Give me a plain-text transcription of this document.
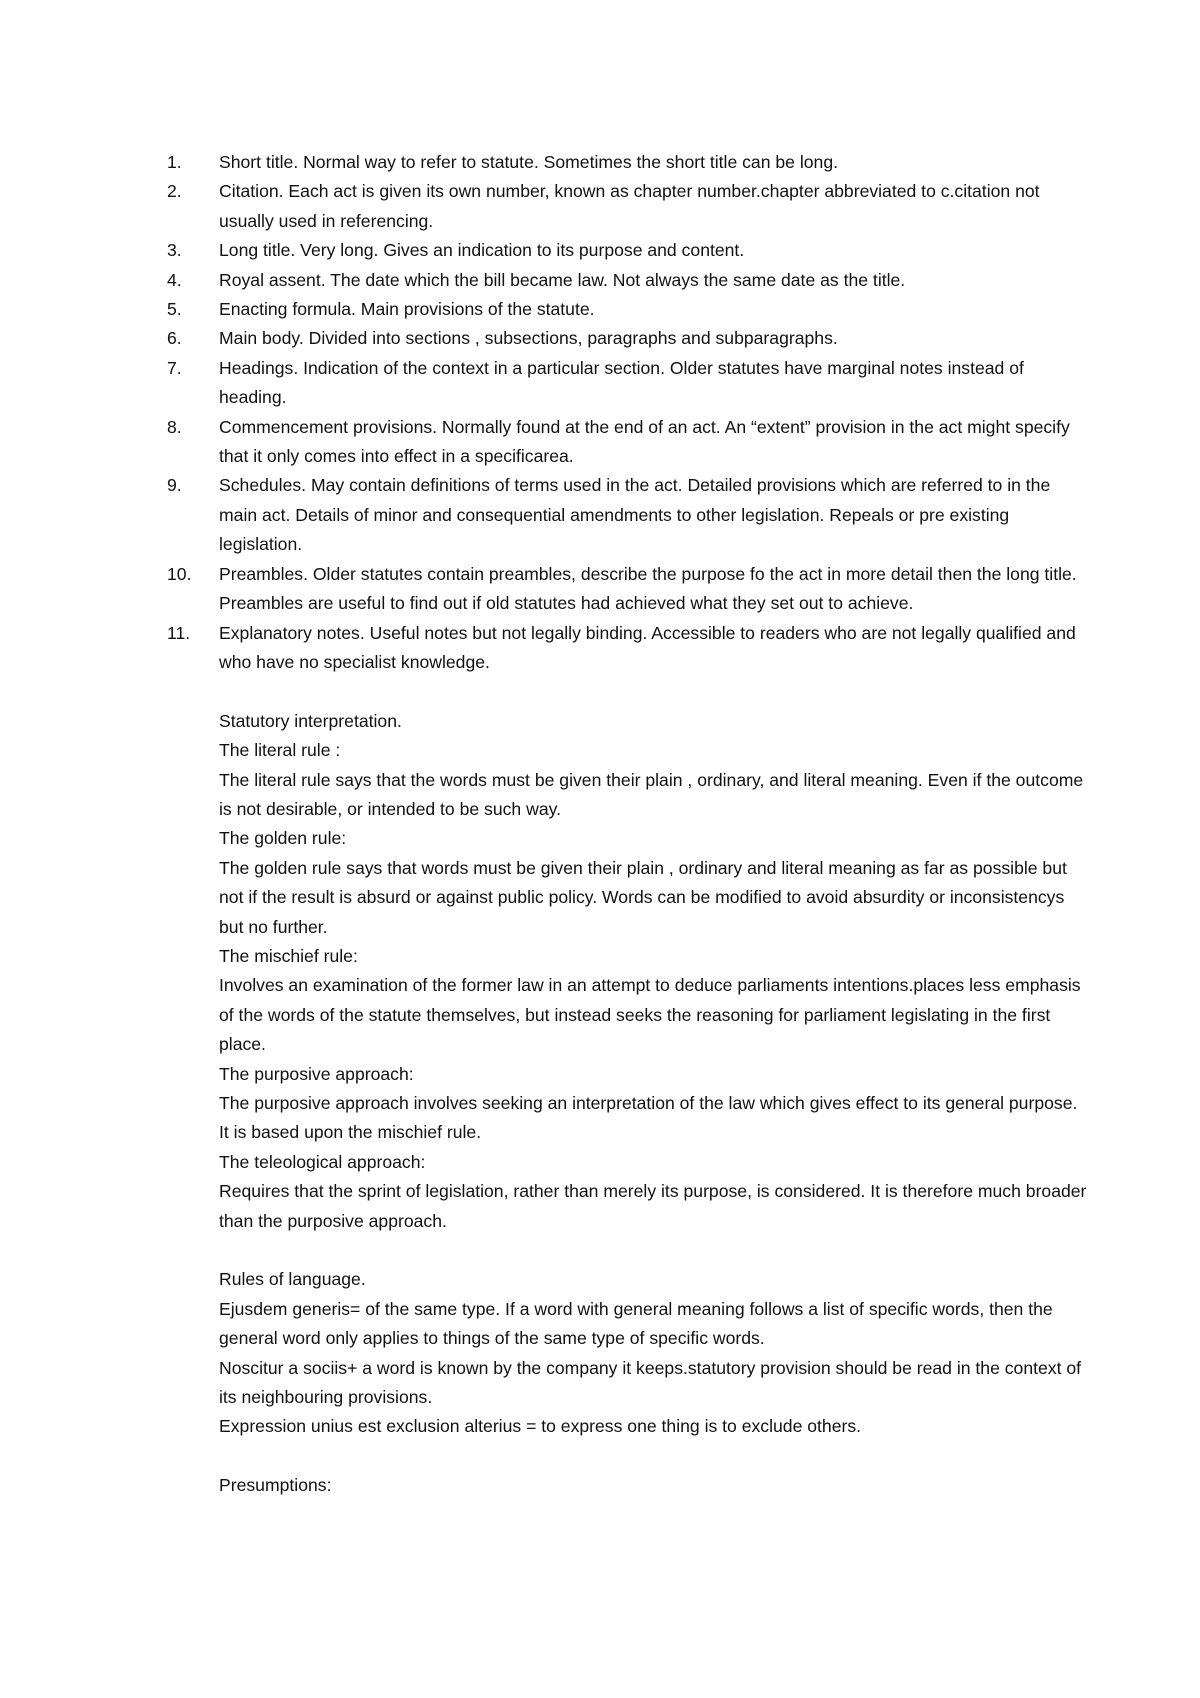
1.	Short title. Normal way to refer to statute. Sometimes the short title can be long.
2.	Citation. Each act is given its own number, known as chapter number.chapter abbreviated to c.citation not usually used in referencing.
3.	Long title. Very long. Gives an indication to its purpose and content.
4.	Royal assent. The date which the bill became law. Not always the same date as the title.
5.	Enacting formula. Main provisions of the statute.
6.	Main body. Divided into sections , subsections, paragraphs and subparagraphs.
7.	Headings. Indication of the context in a particular section. Older statutes have marginal notes instead of heading.
8.	Commencement provisions. Normally found at the end of an act. An “extent” provision in the act might specify that it only comes into effect in a specificarea.
9.	Schedules. May contain definitions of terms used in the act. Detailed provisions which are referred to in the main act. Details of minor and consequential amendments to other legislation. Repeals or pre existing legislation.
10.	Preambles. Older statutes contain preambles, describe the purpose fo the act in more detail then the long title. Preambles are useful to find out if old statutes had achieved what they set out to achieve.
11.	Explanatory notes. Useful notes but not legally binding. Accessible to readers who are not legally qualified and who have no specialist knowledge.

Statutory interpretation.

The literal rule :

The literal rule says that the words must be given their plain , ordinary, and literal meaning. Even if the outcome is not desirable, or intended to be such way.

The golden rule:

The golden rule says that words must be given their plain , ordinary and literal meaning as far as possible but not if the result is absurd or against public policy. Words can be modified to avoid absurdity or inconsistencys but no further.

The mischief rule:

Involves an examination of the former law in an attempt to deduce parliaments intentions.places less emphasis of the words of the statute themselves, but instead seeks the reasoning for parliament legislating in the first place.

The purposive approach:

The purposive approach involves seeking an interpretation of the law which gives effect to its general purpose. It is based upon the mischief rule.

The teleological approach:

Requires that the sprint of legislation, rather than merely its purpose, is considered. It is therefore much broader than the purposive approach.

Rules of language.

Ejusdem generis= of the same type. If a word with general meaning follows a list of specific words, then the general word only applies to things of the same type of specific words.

Noscitur a sociis+ a word is known by the company it keeps.statutory provision should be read in the context of its neighbouring provisions.

Expression unius est exclusion alterius = to express one thing is to exclude others.

Presumptions:
